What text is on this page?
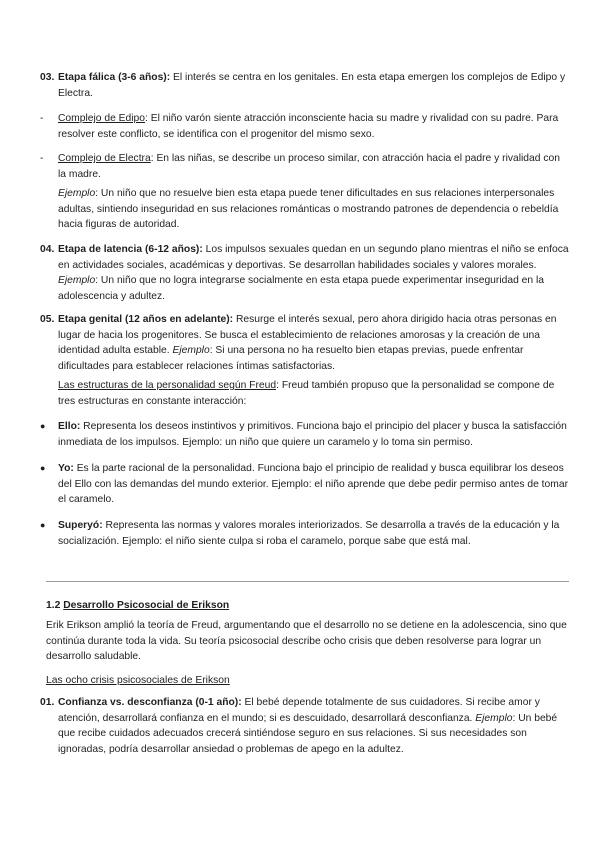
03. Etapa fálica (3-6 años): El interés se centra en los genitales. En esta etapa emergen los complejos de Edipo y Electra.

- Complejo de Edipo: El niño varón siente atracción inconsciente hacia su madre y rivalidad con su padre. Para resolver este conflicto, se identifica con el progenitor del mismo sexo.

- Complejo de Electra: En las niñas, se describe un proceso similar, con atracción hacia el padre y rivalidad con la madre.

Ejemplo: Un niño que no resuelve bien esta etapa puede tener dificultades en sus relaciones interpersonales adultas, sintiendo inseguridad en sus relaciones románticas o mostrando patrones de dependencia o rebeldía hacia figuras de autoridad.

04. Etapa de latencia (6-12 años): Los impulsos sexuales quedan en un segundo plano mientras el niño se enfoca en actividades sociales, académicas y deportivas. Se desarrollan habilidades sociales y valores morales. Ejemplo: Un niño que no logra integrarse socialmente en esta etapa puede experimentar inseguridad en la adolescencia y adultez.

05. Etapa genital (12 años en adelante): Resurge el interés sexual, pero ahora dirigido hacia otras personas en lugar de hacia los progenitores. Se busca el establecimiento de relaciones amorosas y la creación de una identidad adulta estable. Ejemplo: Si una persona no ha resuelto bien etapas previas, puede enfrentar dificultades para establecer relaciones íntimas satisfactorias.

Las estructuras de la personalidad según Freud: Freud también propuso que la personalidad se compone de tres estructuras en constante interacción:

● Ello: Representa los deseos instintivos y primitivos. Funciona bajo el principio del placer y busca la satisfacción inmediata de los impulsos. Ejemplo: un niño que quiere un caramelo y lo toma sin permiso.

● Yo: Es la parte racional de la personalidad. Funciona bajo el principio de realidad y busca equilibrar los deseos del Ello con las demandas del mundo exterior. Ejemplo: el niño aprende que debe pedir permiso antes de tomar el caramelo.

● Superyó: Representa las normas y valores morales interiorizados. Se desarrolla a través de la educación y la socialización. Ejemplo: el niño siente culpa si roba el caramelo, porque sabe que está mal.

1.2 Desarrollo Psicosocial de Erikson

Erik Erikson amplió la teoría de Freud, argumentando que el desarrollo no se detiene en la adolescencia, sino que continúa durante toda la vida. Su teoría psicosocial describe ocho crisis que deben resolverse para lograr un desarrollo saludable.

Las ocho crisis psicosociales de Erikson

01. Confianza vs. desconfianza (0-1 año): El bebé depende totalmente de sus cuidadores. Si recibe amor y atención, desarrollará confianza en el mundo; si es descuidado, desarrollará desconfianza. Ejemplo: Un bebé que recibe cuidados adecuados crecerá sintiéndose seguro en sus relaciones. Si sus necesidades son ignoradas, podría desarrollar ansiedad o problemas de apego en la adultez.
